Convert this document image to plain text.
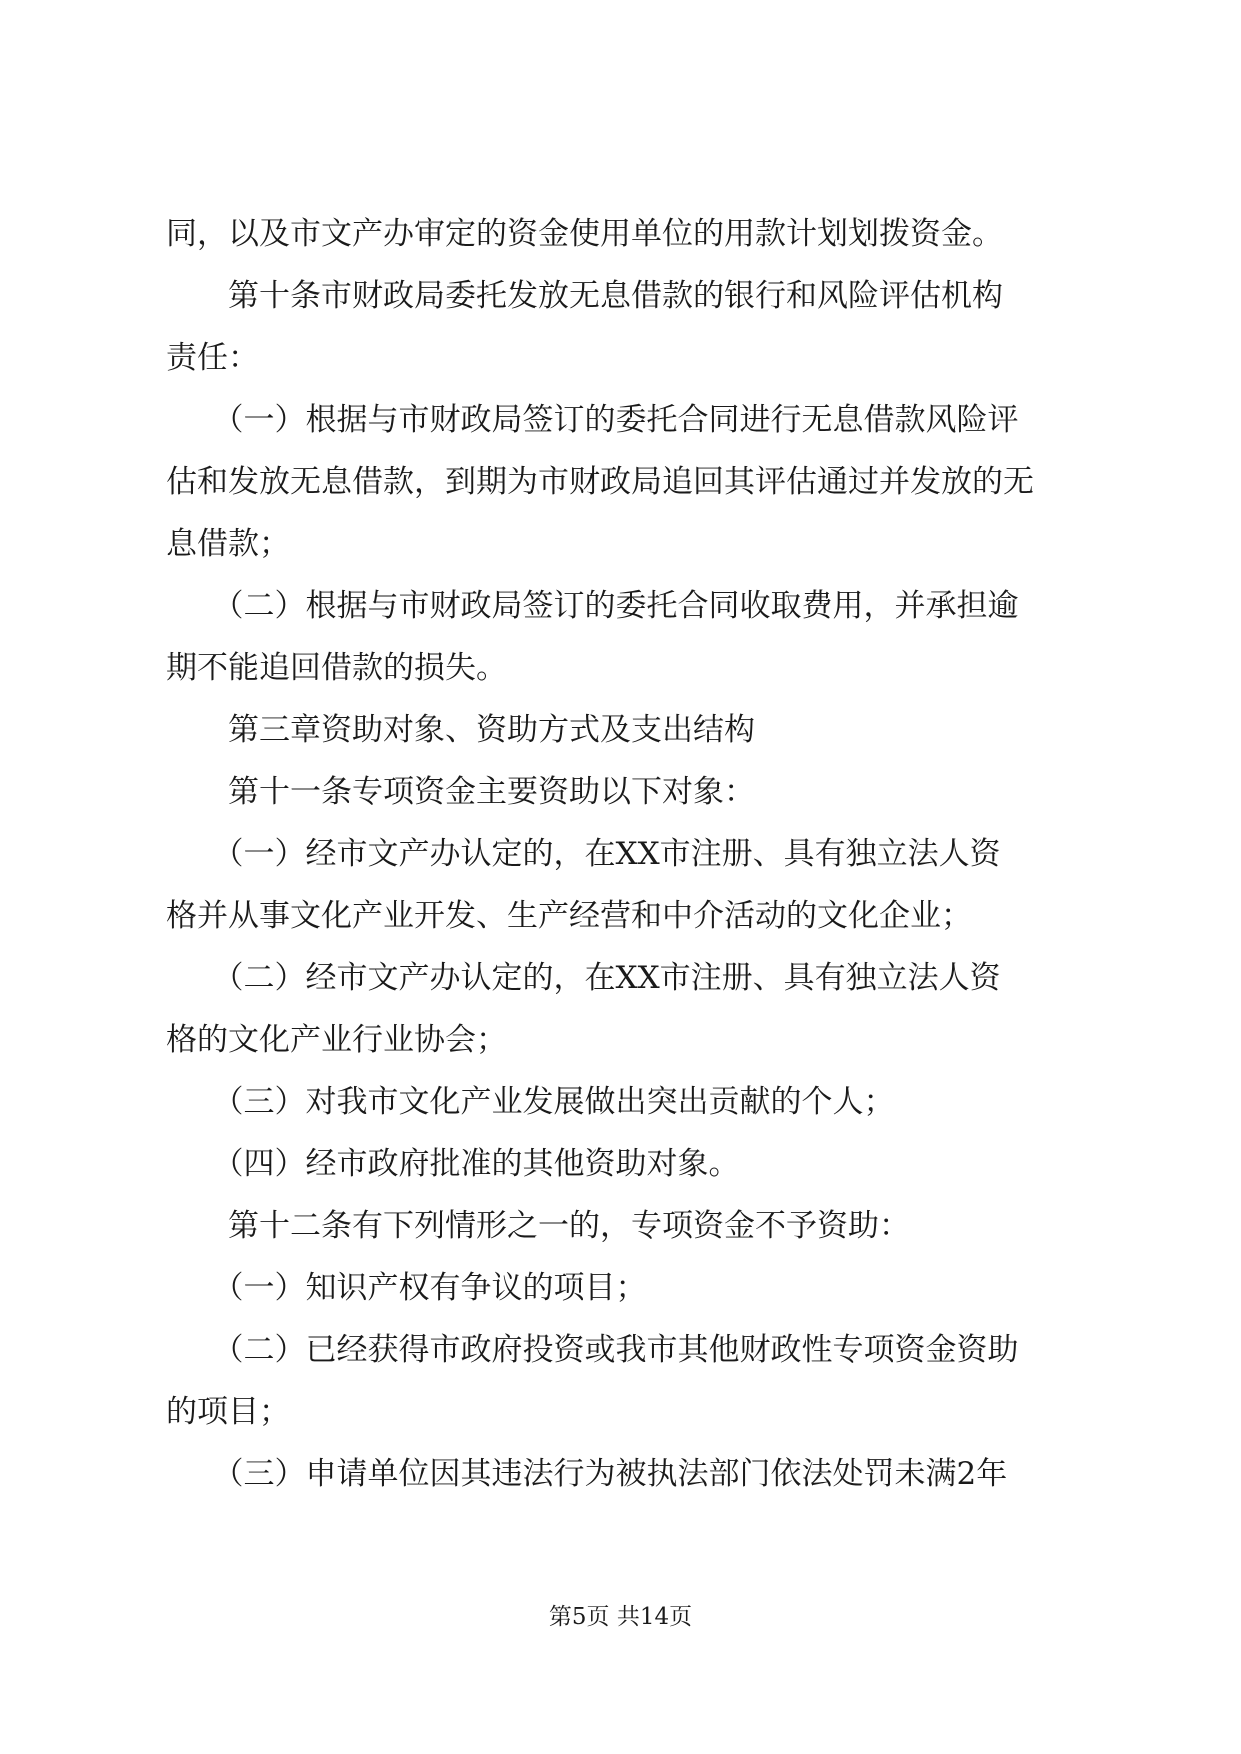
同，以及市文产办审定的资金使用单位的用款计划划拨资金。
　　第十条市财政局委托发放无息借款的银行和风险评估机构
责任：
　　（一）根据与市财政局签订的委托合同进行无息借款风险评
估和发放无息借款，到期为市财政局追回其评估通过并发放的无
息借款；
　　（二）根据与市财政局签订的委托合同收取费用，并承担逾
期不能追回借款的损失。
　　第三章资助对象、资助方式及支出结构
　　第十一条专项资金主要资助以下对象：
　　（一）经市文产办认定的，在XX市注册、具有独立法人资
格并从事文化产业开发、生产经营和中介活动的文化企业；
　　（二）经市文产办认定的，在XX市注册、具有独立法人资
格的文化产业行业协会；
　　（三）对我市文化产业发展做出突出贡献的个人；
　　（四）经市政府批准的其他资助对象。
　　第十二条有下列情形之一的，专项资金不予资助：
　　（一）知识产权有争议的项目；
　　（二）已经获得市政府投资或我市其他财政性专项资金资助
的项目；
　　（三）申请单位因其违法行为被执法部门依法处罚未满2年
第5页 共14页
